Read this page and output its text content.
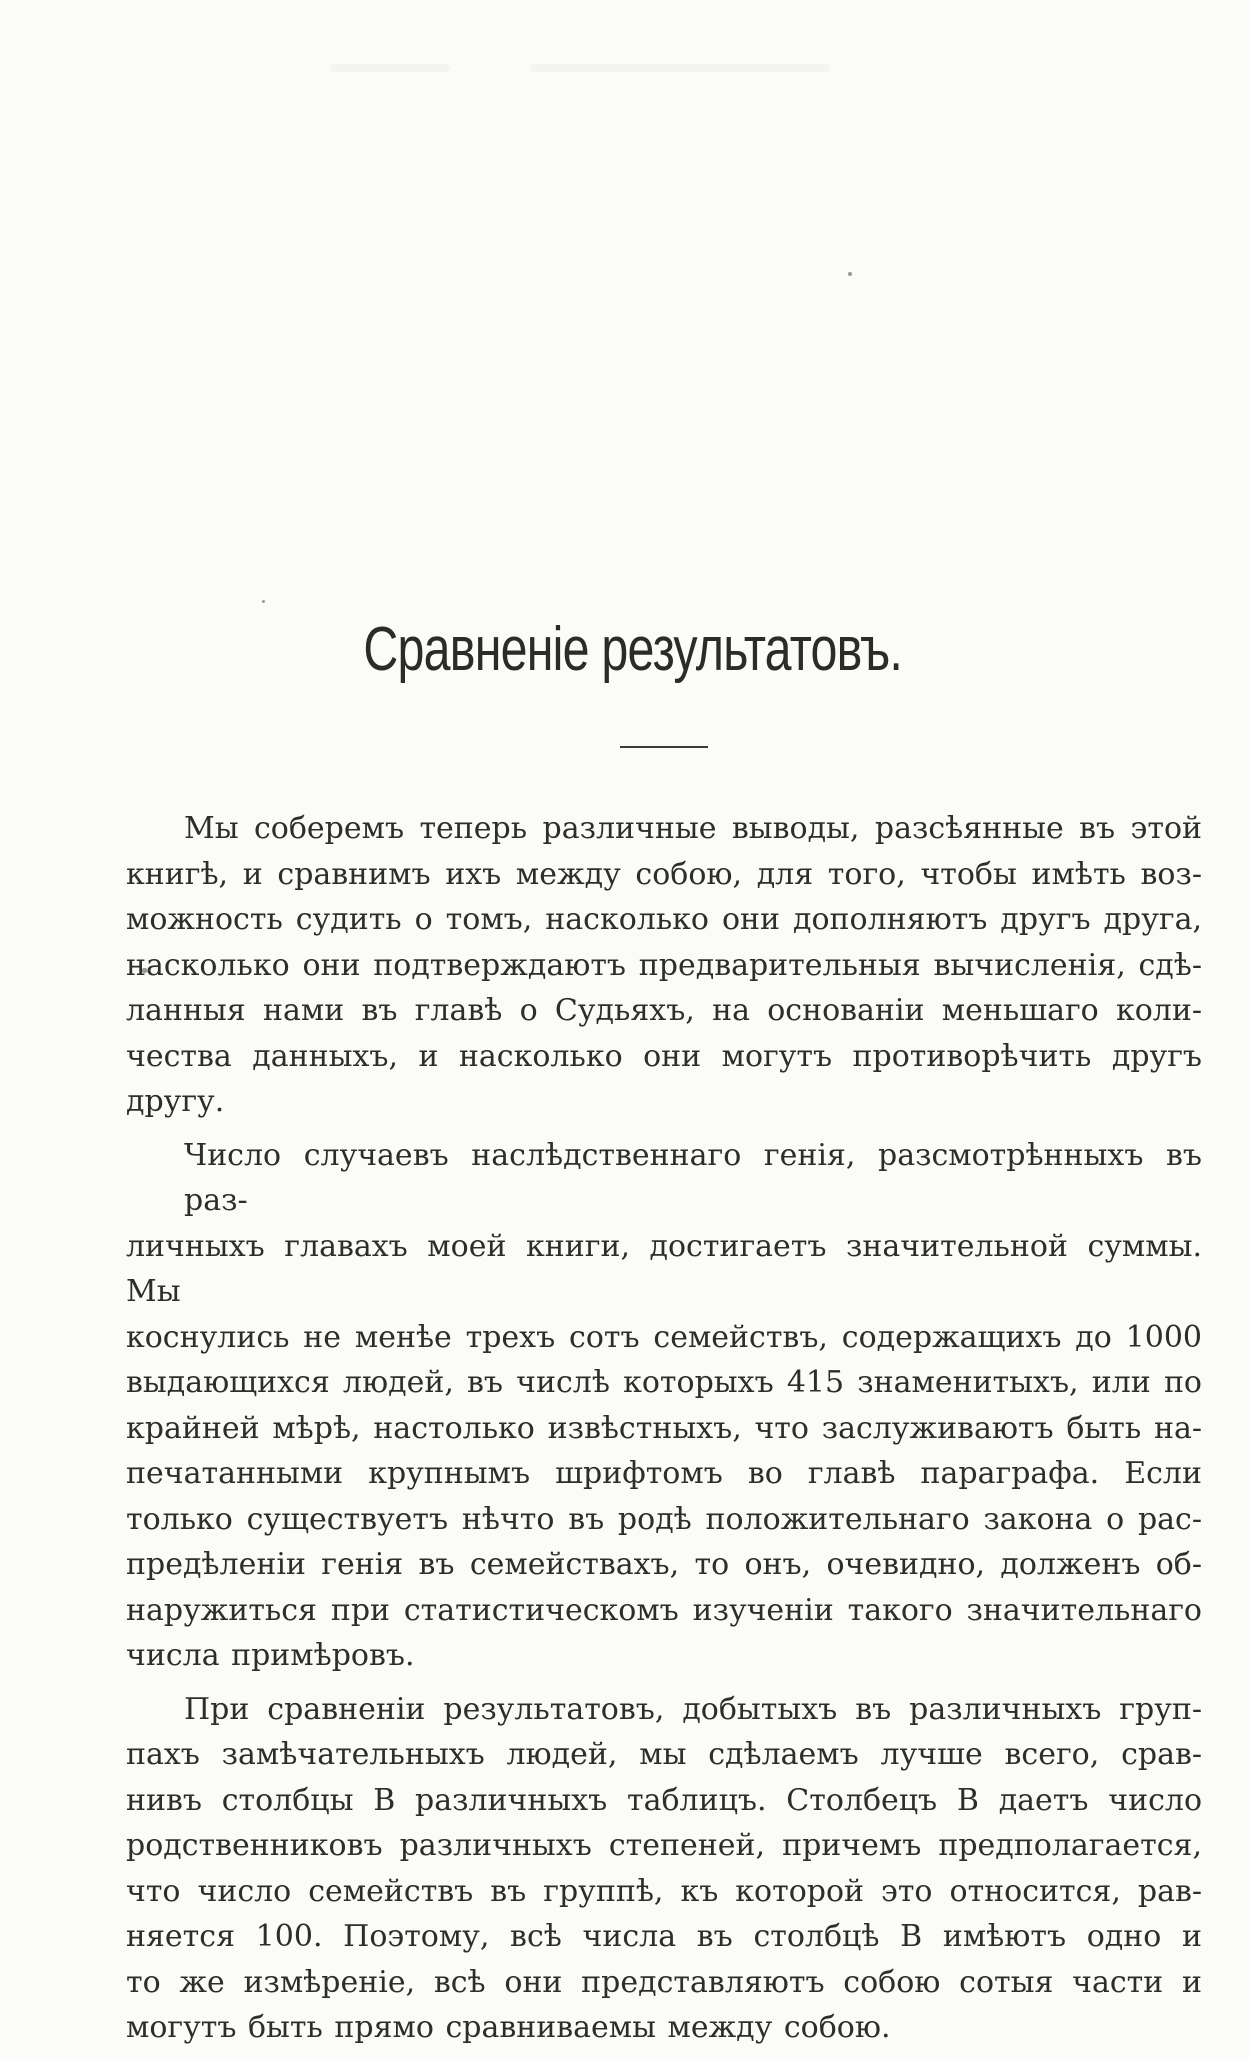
Сравненіе результатовъ.

Мы соберемъ теперь различные выводы, разсѣянные въ этой
книгѣ, и сравнимъ ихъ между собою, для того, чтобы имѣть воз-
можность судить о томъ, насколько они дополняютъ другъ друга,
насколько они подтверждаютъ предварительныя вычисленія, сдѣ-
ланныя нами въ главѣ о Судьяхъ, на основаніи меньшаго коли-
чества данныхъ, и насколько они могутъ противорѣчить другъ
другу.

Число случаевъ наслѣдственнаго генія, разсмотрѣнныхъ въ раз-
личныхъ главахъ моей книги, достигаетъ значительной суммы. Мы
коснулись не менѣе трехъ сотъ семействъ, содержащихъ до 1000
выдающихся людей, въ числѣ которыхъ 415 знаменитыхъ, или по
крайней мѣрѣ, настолько извѣстныхъ, что заслуживаютъ быть на-
печатанными крупнымъ шрифтомъ во главѣ параграфа. Если
только существуетъ нѣчто въ родѣ положительнаго закона о рас-
предѣленіи генія въ семействахъ, то онъ, очевидно, долженъ об-
наружиться при статистическомъ изученіи такого значительнаго
числа примѣровъ.

При сравненіи результатовъ, добытыхъ въ различныхъ груп-
пахъ замѣчательныхъ людей, мы сдѣлаемъ лучше всего, срав-
нивъ столбцы В различныхъ таблицъ. Столбецъ В даетъ число
родственниковъ различныхъ степеней, причемъ предполагается,
что число семействъ въ группѣ, къ которой это относится, рав-
няется 100. Поэтому, всѣ числа въ столбцѣ В имѣютъ одно и
то же измѣреніе, всѣ они представляютъ собою сотыя части и
могутъ быть прямо сравниваемы между собою.
